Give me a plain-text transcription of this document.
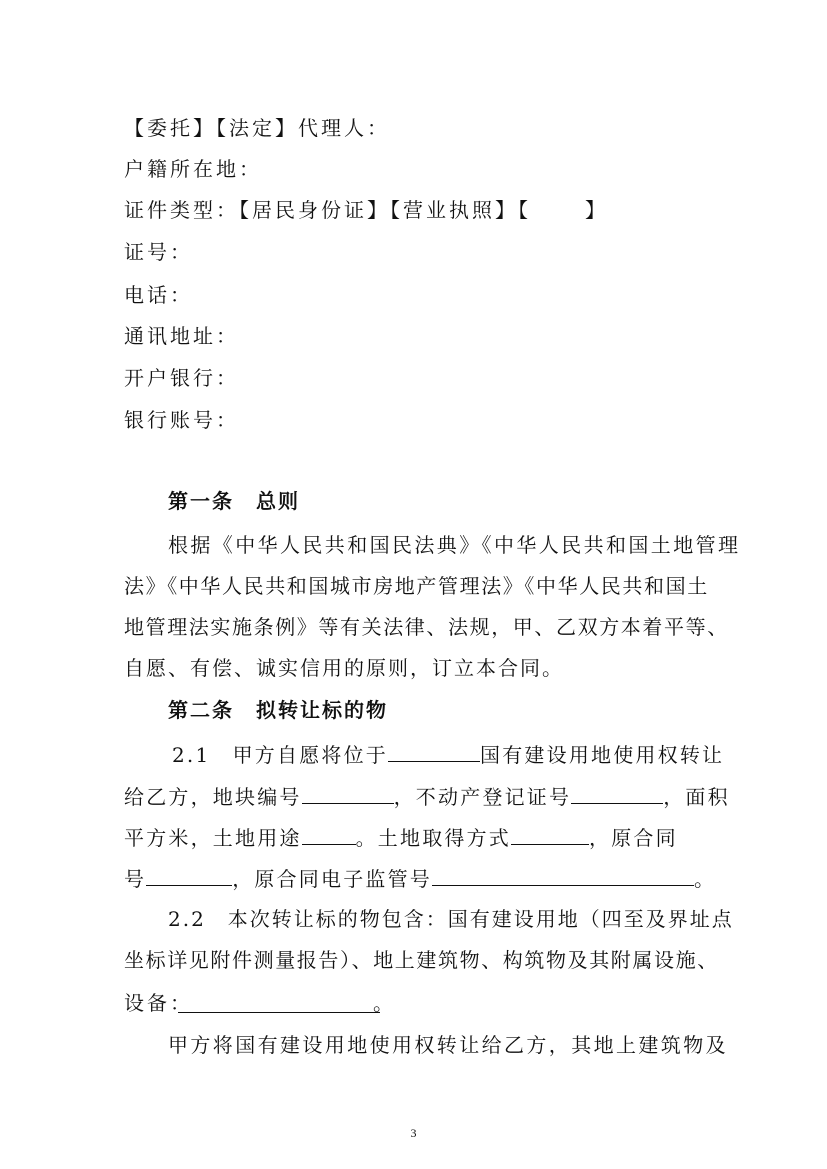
【委托】【法定】代理人：
户籍所在地：
证件类型：【居民身份证】【营业执照】【	】
证号：
电话：
通讯地址：
开户银行：
银行账号：
第一条　总则
根据《中华人民共和国民法典》《中华人民共和国土地管理
法》《中华人民共和国城市房地产管理法》《中华人民共和国土
地管理法实施条例》等有关法律、法规，甲、乙双方本着平等、
自愿、有偿、诚实信用的原则，订立本合同。
第二条　拟转让标的物
2.1　甲方自愿将位于	国有建设用地使用权转让
给乙方，地块编号	，不动产登记证号	，面积
平方米，土地用途	。土地取得方式	，原合同
号	，原合同电子监管号	。
2.2　本次转让标的物包含：国有建设用地（四至及界址点
坐标详见附件测量报告）、地上建筑物、构筑物及其附属设施、
设备：	。
甲方将国有建设用地使用权转让给乙方，其地上建筑物及
3
